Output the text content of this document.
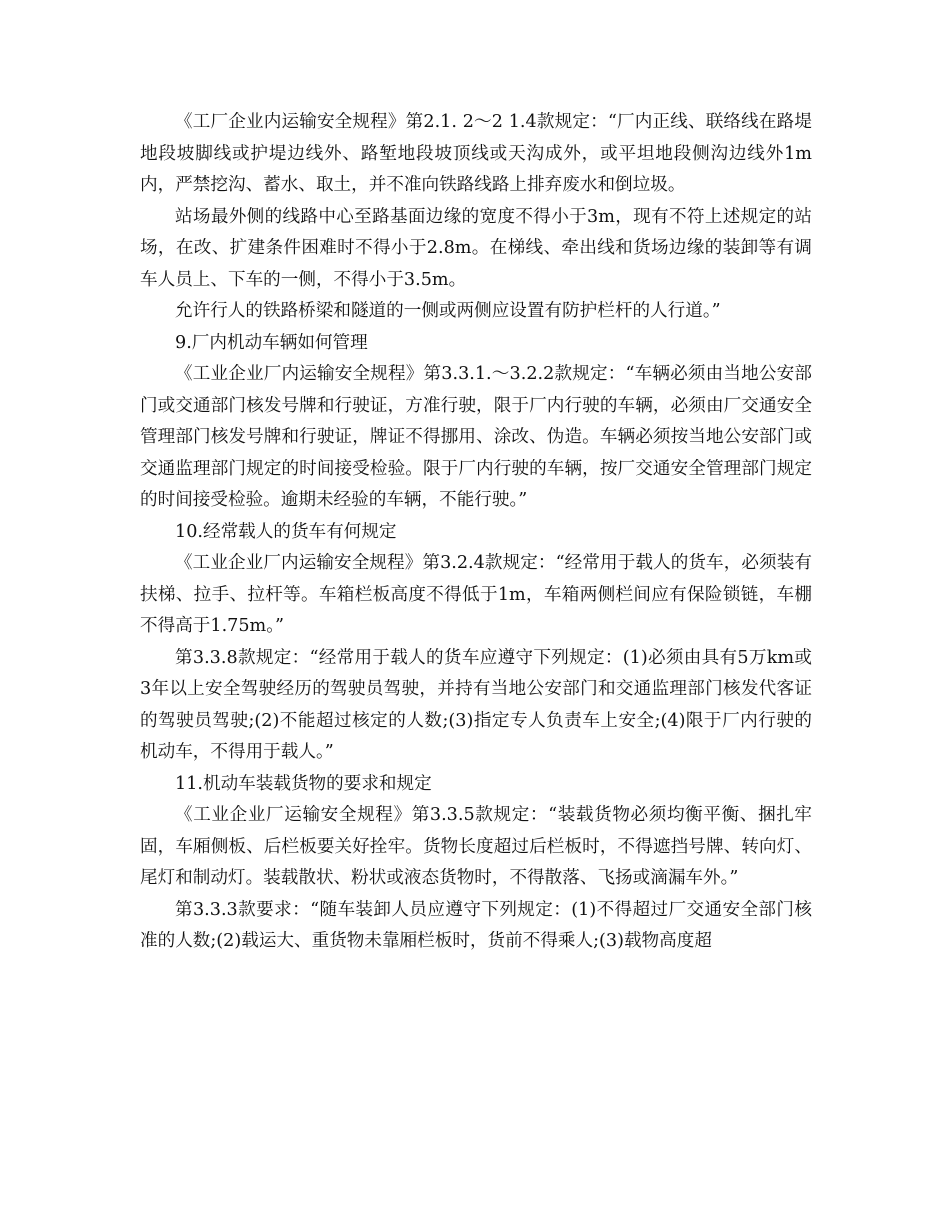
《工厂企业内运输安全规程》第2.1. 2～2 1.4款规定：“厂内正线、联络线在路堤地段坡脚线或护堤边线外、路堑地段坡顶线或天沟成外，或平坦地段侧沟边线外1m内，严禁挖沟、蓄水、取土，并不准向铁路线路上排弃废水和倒垃圾。

站场最外侧的线路中心至路基面边缘的宽度不得小于3m，现有不符上述规定的站场，在改、扩建条件困难时不得小于2.8m。在梯线、牵出线和货场边缘的装卸等有调车人员上、下车的一侧，不得小于3.5m。

允许行人的铁路桥梁和隧道的一侧或两侧应设置有防护栏杆的人行道。”

9.厂内机动车辆如何管理

《工业企业厂内运输安全规程》第3.3.1.～3.2.2款规定：“车辆必须由当地公安部门或交通部门核发号牌和行驶证，方准行驶，限于厂内行驶的车辆，必须由厂交通安全管理部门核发号牌和行驶证，牌证不得挪用、涂改、伪造。车辆必须按当地公安部门或交通监理部门规定的时间接受检验。限于厂内行驶的车辆，按厂交通安全管理部门规定的时间接受检验。逾期未经验的车辆，不能行驶。”

10.经常载人的货车有何规定

《工业企业厂内运输安全规程》第3.2.4款规定：“经常用于载人的货车，必须装有扶梯、拉手、拉杆等。车箱栏板高度不得低于1m，车箱两侧栏间应有保险锁链，车棚不得高于1.75m。”

第3.3.8款规定：“经常用于载人的货车应遵守下列规定：(1)必须由具有5万km或3年以上安全驾驶经历的驾驶员驾驶，并持有当地公安部门和交通监理部门核发代客证的驾驶员驾驶;(2)不能超过核定的人数;(3)指定专人负责车上安全;(4)限于厂内行驶的机动车，不得用于载人。”

11.机动车装载货物的要求和规定

《工业企业厂运输安全规程》第3.3.5款规定：“装载货物必须均衡平衡、捆扎牢固，车厢侧板、后栏板要关好拴牢。货物长度超过后栏板时，不得遮挡号牌、转向灯、尾灯和制动灯。装载散状、粉状或液态货物时，不得散落、飞扬或滴漏车外。”

第3.3.3款要求：“随车装卸人员应遵守下列规定：(1)不得超过厂交通安全部门核准的人数;(2)载运大、重货物未靠厢栏板时，货前不得乘人;(3)载物高度超
